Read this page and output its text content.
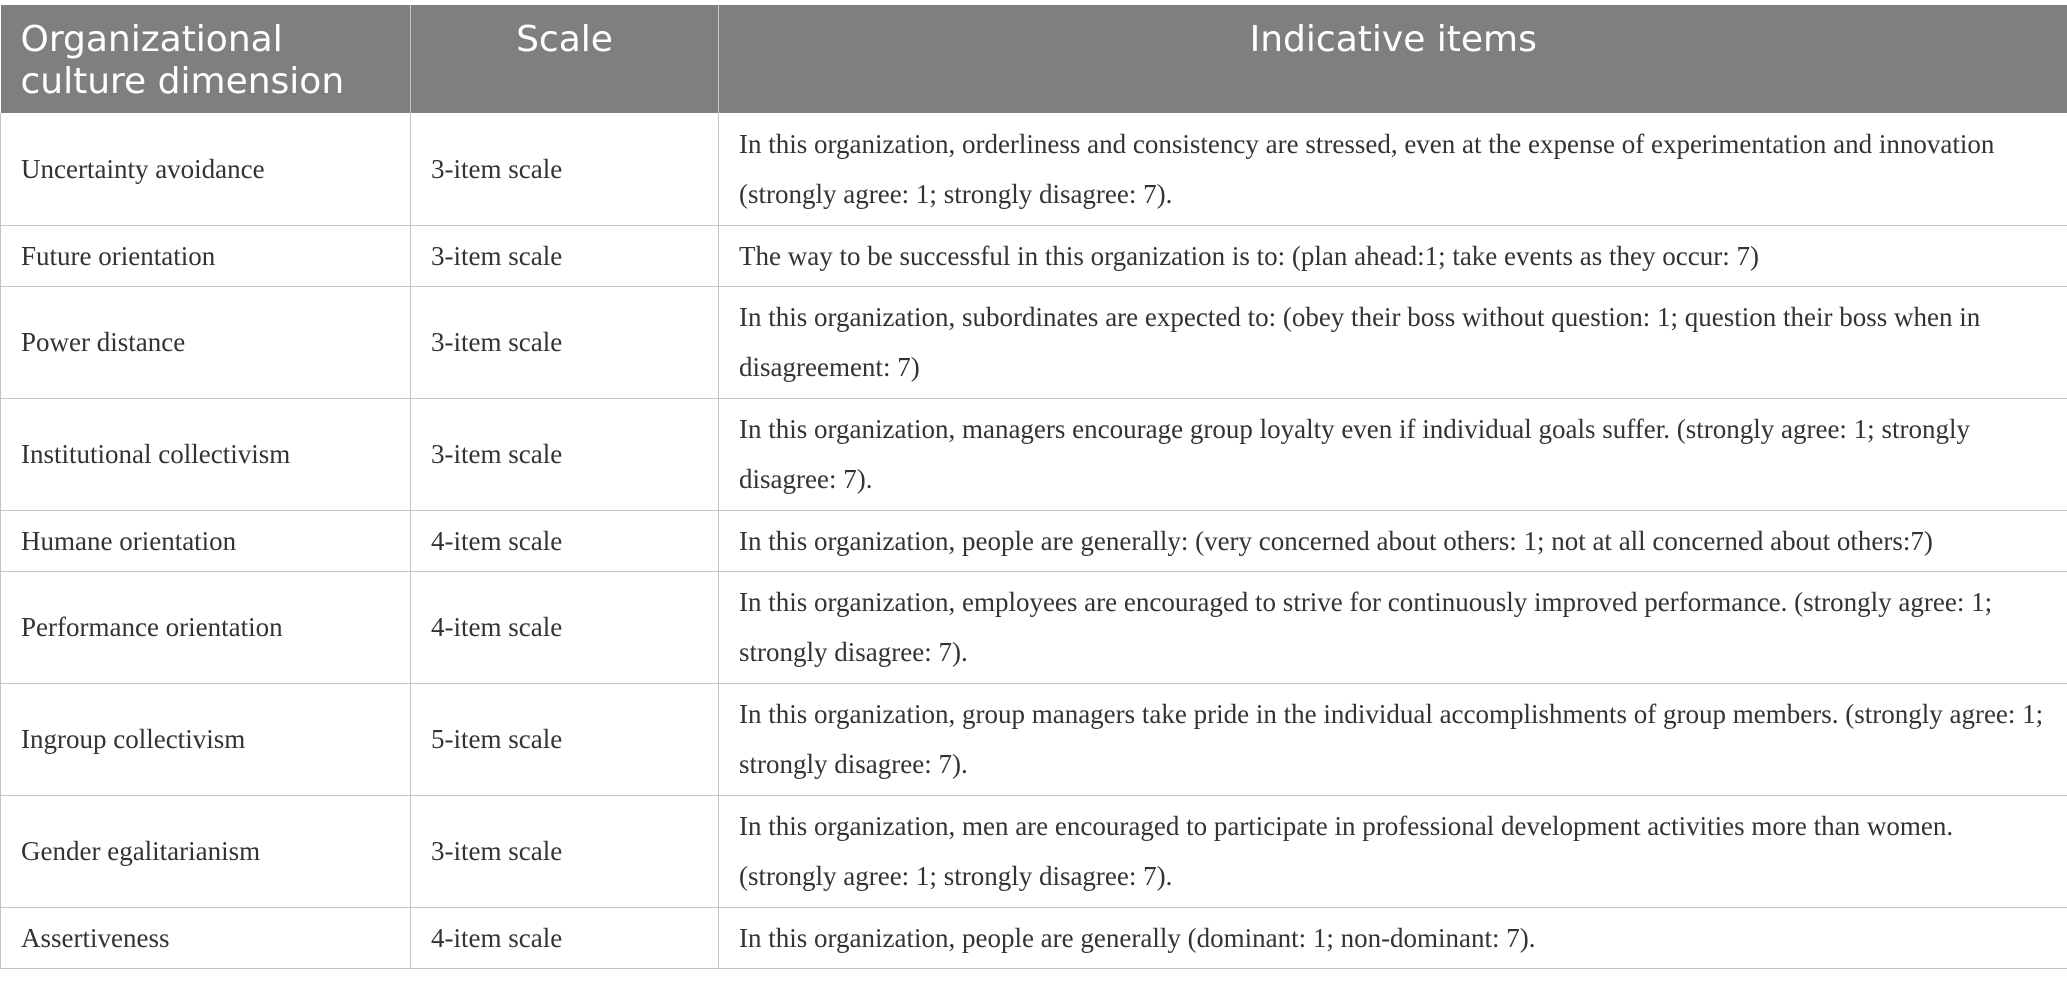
Organizational culture dimension	Scale	Indicative items
Uncertainty avoidance	3-item scale	In this organization, orderliness and consistency are stressed, even at the expense of experimentation and innovation (strongly agree: 1; strongly disagree: 7).
Future orientation	3-item scale	The way to be successful in this organization is to: (plan ahead:1; take events as they occur: 7)
Power distance	3-item scale	In this organization, subordinates are expected to: (obey their boss without question: 1; question their boss when in disagreement: 7)
Institutional collectivism	3-item scale	In this organization, managers encourage group loyalty even if individual goals suffer. (strongly agree: 1; strongly disagree: 7).
Humane orientation	4-item scale	In this organization, people are generally: (very concerned about others: 1; not at all concerned about others:7)
Performance orientation	4-item scale	In this organization, employees are encouraged to strive for continuously improved performance. (strongly agree: 1; strongly disagree: 7).
Ingroup collectivism	5-item scale	In this organization, group managers take pride in the individual accomplishments of group members. (strongly agree: 1; strongly disagree: 7).
Gender egalitarianism	3-item scale	In this organization, men are encouraged to participate in professional development activities more than women. (strongly agree: 1; strongly disagree: 7).
Assertiveness	4-item scale	In this organization, people are generally (dominant: 1; non-dominant: 7).
